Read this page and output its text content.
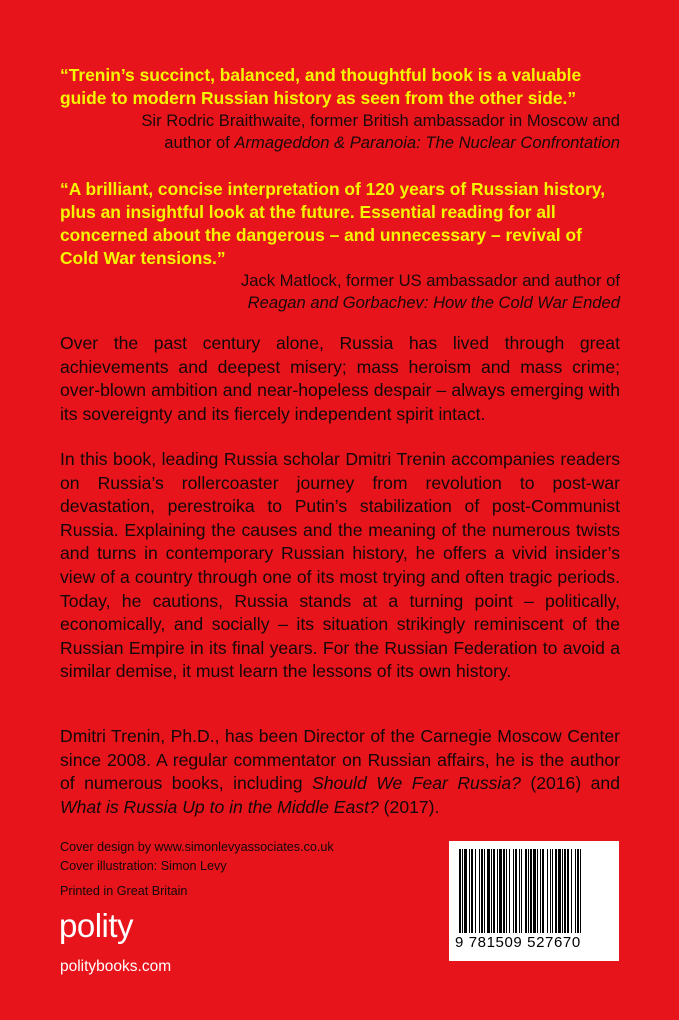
“Trenin’s succinct, balanced, and thoughtful book is a valuable guide to modern Russian history as seen from the other side.”
Sir Rodric Braithwaite, former British ambassador in Moscow and
author of Armageddon & Paranoia: The Nuclear Confrontation
“A brilliant, concise interpretation of 120 years of Russian history, plus an insightful look at the future. Essential reading for all concerned about the dangerous – and unnecessary – revival of Cold War tensions.”
Jack Matlock, former US ambassador and author of
Reagan and Gorbachev: How the Cold War Ended
Over the past century alone, Russia has lived through great achievements and deepest misery; mass heroism and mass crime; over-blown ambition and near-hopeless despair – always emerging with its sovereignty and its fiercely independent spirit intact.
In this book, leading Russia scholar Dmitri Trenin accompanies readers on Russia’s rollercoaster journey from revolution to post-war devastation, perestroika to Putin’s stabilization of post-Communist Russia. Explaining the causes and the meaning of the numerous twists and turns in contemporary Russian history, he offers a vivid insider’s view of a country through one of its most trying and often tragic periods. Today, he cautions, Russia stands at a turning point – politically, economically, and socially – its situation strikingly reminiscent of the Russian Empire in its final years. For the Russian Federation to avoid a similar demise, it must learn the lessons of its own history.
Dmitri Trenin, Ph.D., has been Director of the Carnegie Moscow Center since 2008. A regular commentator on Russian affairs, he is the author of numerous books, including Should We Fear Russia? (2016) and What is Russia Up to in the Middle East? (2017).
Cover design by www.simonlevyassociates.co.uk
Cover illustration: Simon Levy

Printed in Great Britain
polity
politybooks.com
9 781509 527670
